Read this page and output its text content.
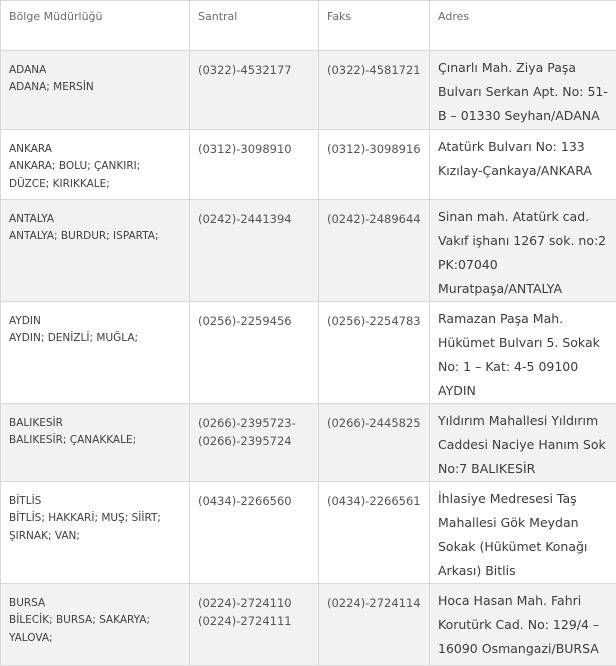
Bölge Müdürlüğü	Santral	Faks	Adres

ADANA
ADANA; MERSİN	(0322)-4532177	(0322)-4581721	Çınarlı Mah. Ziya Paşa Bulvarı Serkan Apt. No: 51-B – 01330 Seyhan/ADANA

ANKARA
ANKARA; BOLU; ÇANKIRI; DÜZCE; KIRIKKALE;	(0312)-3098910	(0312)-3098916	Atatürk Bulvarı No: 133 Kızılay-Çankaya/ANKARA

ANTALYA
ANTALYA; BURDUR; ISPARTA;	(0242)-2441394	(0242)-2489644	Sinan mah. Atatürk cad. Vakıf işhanı 1267 sok. no:2 PK:07040 Muratpaşa/ANTALYA

AYDIN
AYDIN; DENİZLİ; MUĞLA;	(0256)-2259456	(0256)-2254783	Ramazan Paşa Mah. Hükümet Bulvarı 5. Sokak No: 1 – Kat: 4-5 09100 AYDIN

BALIKESİR
BALIKESİR; ÇANAKKALE;	(0266)-2395723-(0266)-2395724	(0266)-2445825	Yıldırım Mahallesi Yıldırım Caddesi Naciye Hanım Sok No:7 BALIKESİR

BİTLİS
BİTLİS; HAKKARİ; MUŞ; SİİRT; ŞIRNAK; VAN;	(0434)-2266560	(0434)-2266561	İhlasiye Medresesi Taş Mahallesi Gök Meydan Sokak (Hükümet Konağı Arkası) Bitlis

BURSA
BİLECİK; BURSA; SAKARYA; YALOVA;	(0224)-2724110 (0224)-2724111	(0224)-2724114	Hoca Hasan Mah. Fahri Korutürk Cad. No: 129/4 – 16090 Osmangazi/BURSA
